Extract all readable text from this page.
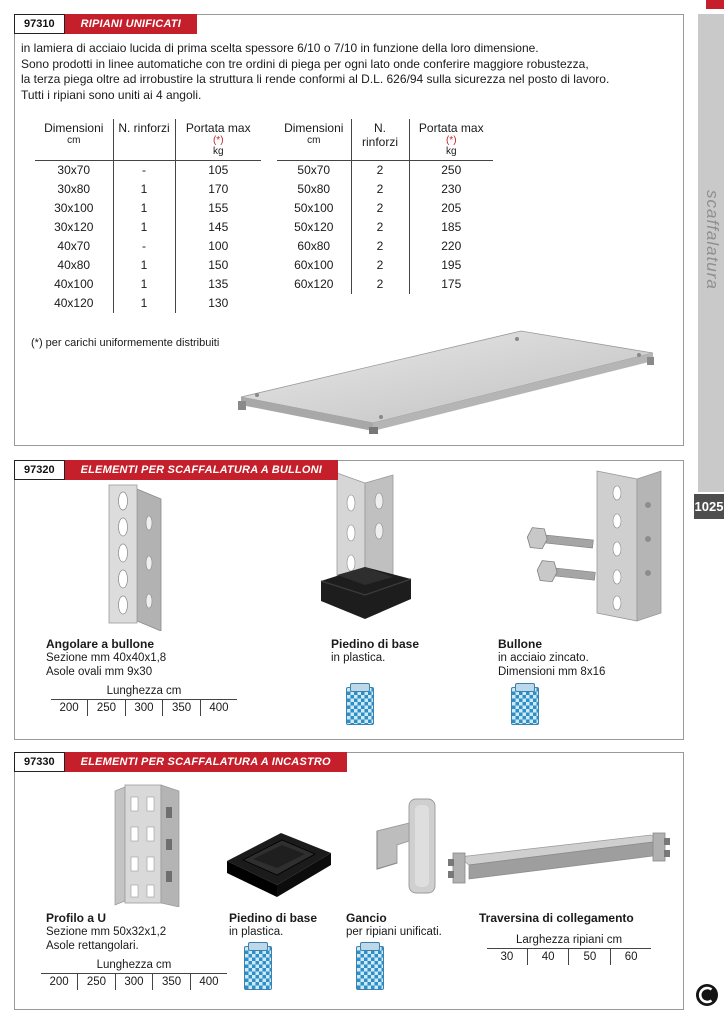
97310	RIPIANI UNIFICATI
in lamiera di acciaio lucida di prima scelta spessore 6/10 o 7/10 in funzione della loro dimensione.
Sono prodotti in linee automatiche con tre ordini di piega per ogni lato onde conferire maggiore robustezza,
la terza piega oltre ad irrobustire la struttura li rende conformi al D.L. 626/94 sulla sicurezza nel posto di lavoro.
Tutti i ripiani sono uniti ai 4 angoli.
Dimensioni
cm

N. rinforzi	Portata max
(*)
kg

30x70	-	105
30x80	1	170
30x100	1	155
30x120	1	145
40x70	-	100
40x80	1	150
40x100	1	135
40x120	1	130
Dimensioni
cm

N. rinforzi

Portata max
(*)
kg

50x70	2	250
50x80	2	230
50x100	2	205
50x120	2	185
60x80	2	220
60x100	2	195
60x120	2	175
(*) per carichi uniformemente distribuiti
97320	ELEMENTI PER SCAFFALATURA A BULLONI
Angolare a bullone
Sezione mm 40x40x1,8
Asole ovali mm 9x30
Lunghezza cm
200	250	300	350	400
Piedino di base
in plastica.
Bullone
in acciaio zincato.
Dimensioni mm 8x16
97330	ELEMENTI PER SCAFFALATURA A INCASTRO
Profilo a U
Sezione mm 50x32x1,2
Asole rettangolari.
Lunghezza cm
200	250	300	350	400
Piedino di base
in plastica.
Gancio
per ripiani unificati.
Traversina di collegamento
Larghezza ripiani cm
30	40	50	60
scaffalatura
1025
